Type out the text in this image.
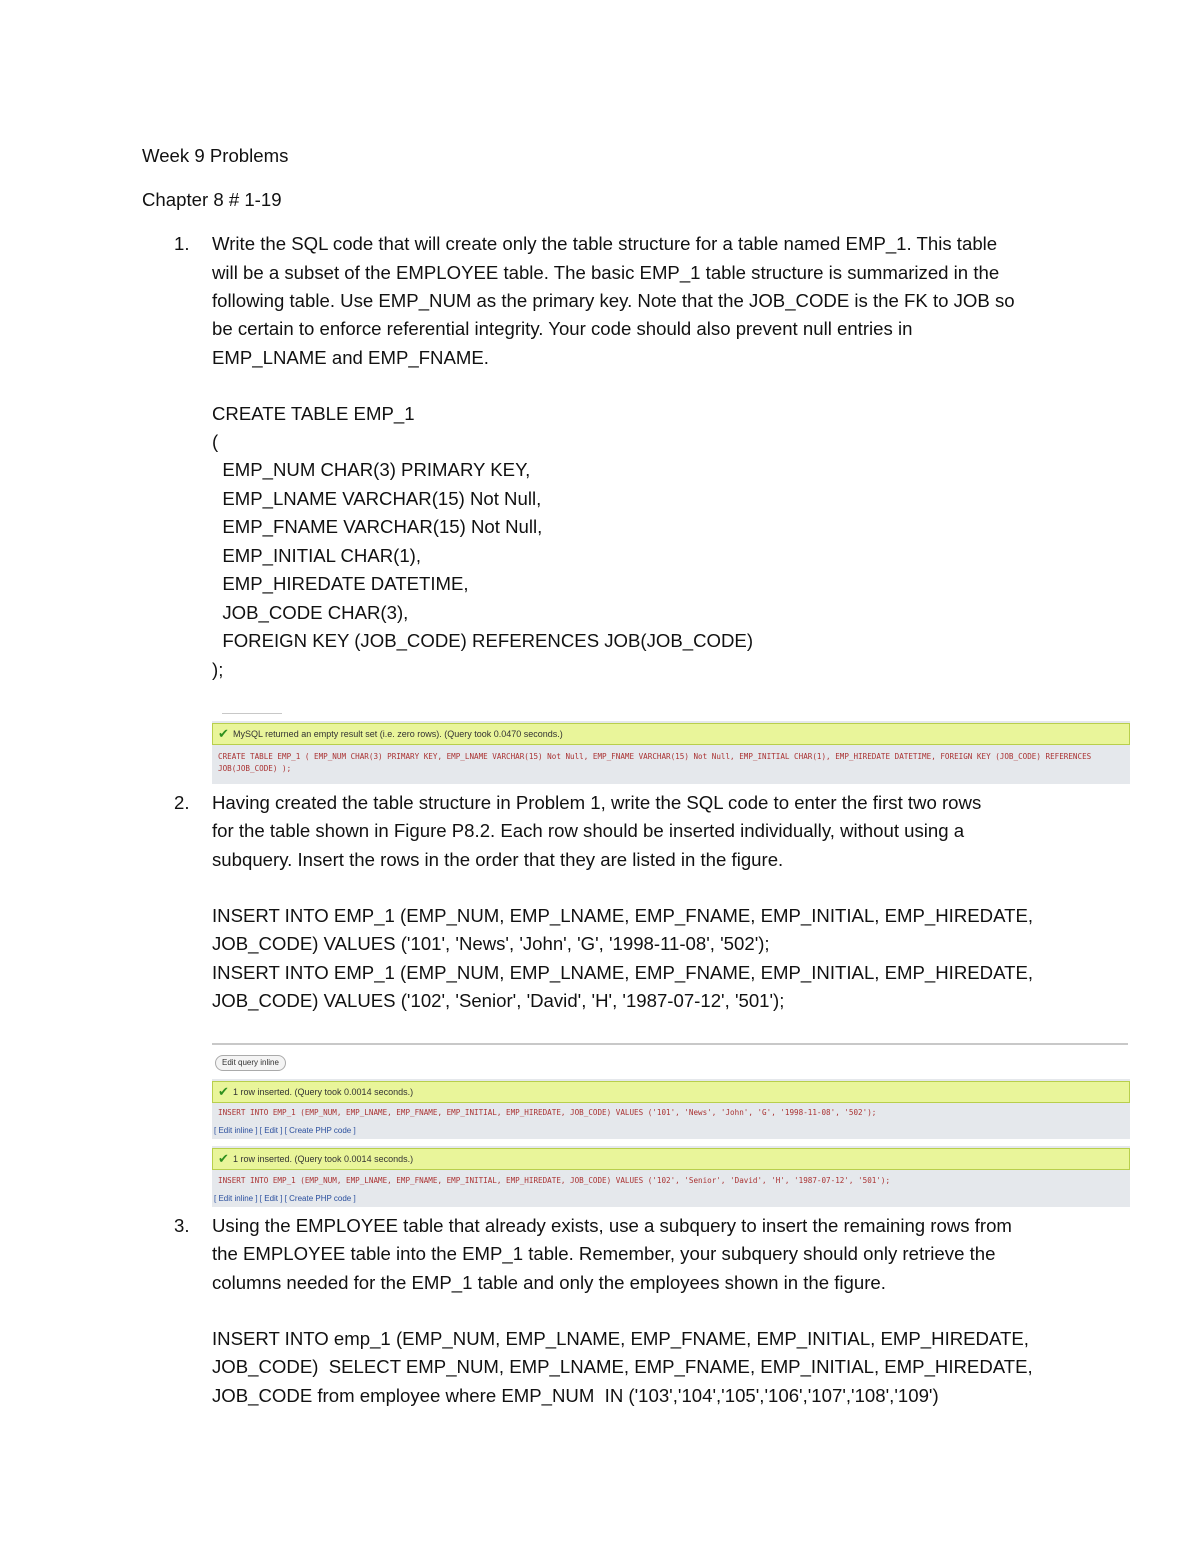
Week 9 Problems
Chapter 8 # 1-19
1. Write the SQL code that will create only the table structure for a table named EMP_1. This table
will be a subset of the EMPLOYEE table. The basic EMP_1 table structure is summarized in the
following table. Use EMP_NUM as the primary key. Note that the JOB_CODE is the FK to JOB so
be certain to enforce referential integrity. Your code should also prevent null entries in
EMP_LNAME and EMP_FNAME.
CREATE TABLE EMP_1
(
EMP_NUM CHAR(3) PRIMARY KEY,
EMP_LNAME VARCHAR(15) Not Null,
EMP_FNAME VARCHAR(15) Not Null,
EMP_INITIAL CHAR(1),
EMP_HIREDATE DATETIME,
JOB_CODE CHAR(3),
FOREIGN KEY (JOB_CODE) REFERENCES JOB(JOB_CODE)
);
✔ MySQL returned an empty result set (i.e. zero rows). (Query took 0.0470 seconds.)
CREATE TABLE EMP_1 ( EMP_NUM CHAR(3) PRIMARY KEY, EMP_LNAME VARCHAR(15) Not Null, EMP_FNAME VARCHAR(15) Not Null, EMP_INITIAL CHAR(1), EMP_HIREDATE DATETIME, FOREIGN KEY (JOB_CODE) REFERENCES
JOB(JOB_CODE) );
2. Having created the table structure in Problem 1, write the SQL code to enter the first two rows
for the table shown in Figure P8.2. Each row should be inserted individually, without using a
subquery. Insert the rows in the order that they are listed in the figure.
INSERT INTO EMP_1 (EMP_NUM, EMP_LNAME, EMP_FNAME, EMP_INITIAL, EMP_HIREDATE,
JOB_CODE) VALUES ('101', 'News', 'John', 'G', '1998-11-08', '502');
INSERT INTO EMP_1 (EMP_NUM, EMP_LNAME, EMP_FNAME, EMP_INITIAL, EMP_HIREDATE,
JOB_CODE) VALUES ('102', 'Senior', 'David', 'H', '1987-07-12', '501');
Edit query inline
✔ 1 row inserted. (Query took 0.0014 seconds.)
INSERT INTO EMP_1 (EMP_NUM, EMP_LNAME, EMP_FNAME, EMP_INITIAL, EMP_HIREDATE, JOB_CODE) VALUES ('101', 'News', 'John', 'G', '1998-11-08', '502');
[ Edit inline ] [ Edit ] [ Create PHP code ]
✔ 1 row inserted. (Query took 0.0014 seconds.)
INSERT INTO EMP_1 (EMP_NUM, EMP_LNAME, EMP_FNAME, EMP_INITIAL, EMP_HIREDATE, JOB_CODE) VALUES ('102', 'Senior', 'David', 'H', '1987-07-12', '501');
[ Edit inline ] [ Edit ] [ Create PHP code ]
3. Using the EMPLOYEE table that already exists, use a subquery to insert the remaining rows from
the EMPLOYEE table into the EMP_1 table. Remember, your subquery should only retrieve the
columns needed for the EMP_1 table and only the employees shown in the figure.
INSERT INTO emp_1 (EMP_NUM, EMP_LNAME, EMP_FNAME, EMP_INITIAL, EMP_HIREDATE,
JOB_CODE)  SELECT EMP_NUM, EMP_LNAME, EMP_FNAME, EMP_INITIAL, EMP_HIREDATE,
JOB_CODE from employee where EMP_NUM  IN ('103','104','105','106','107','108','109')
